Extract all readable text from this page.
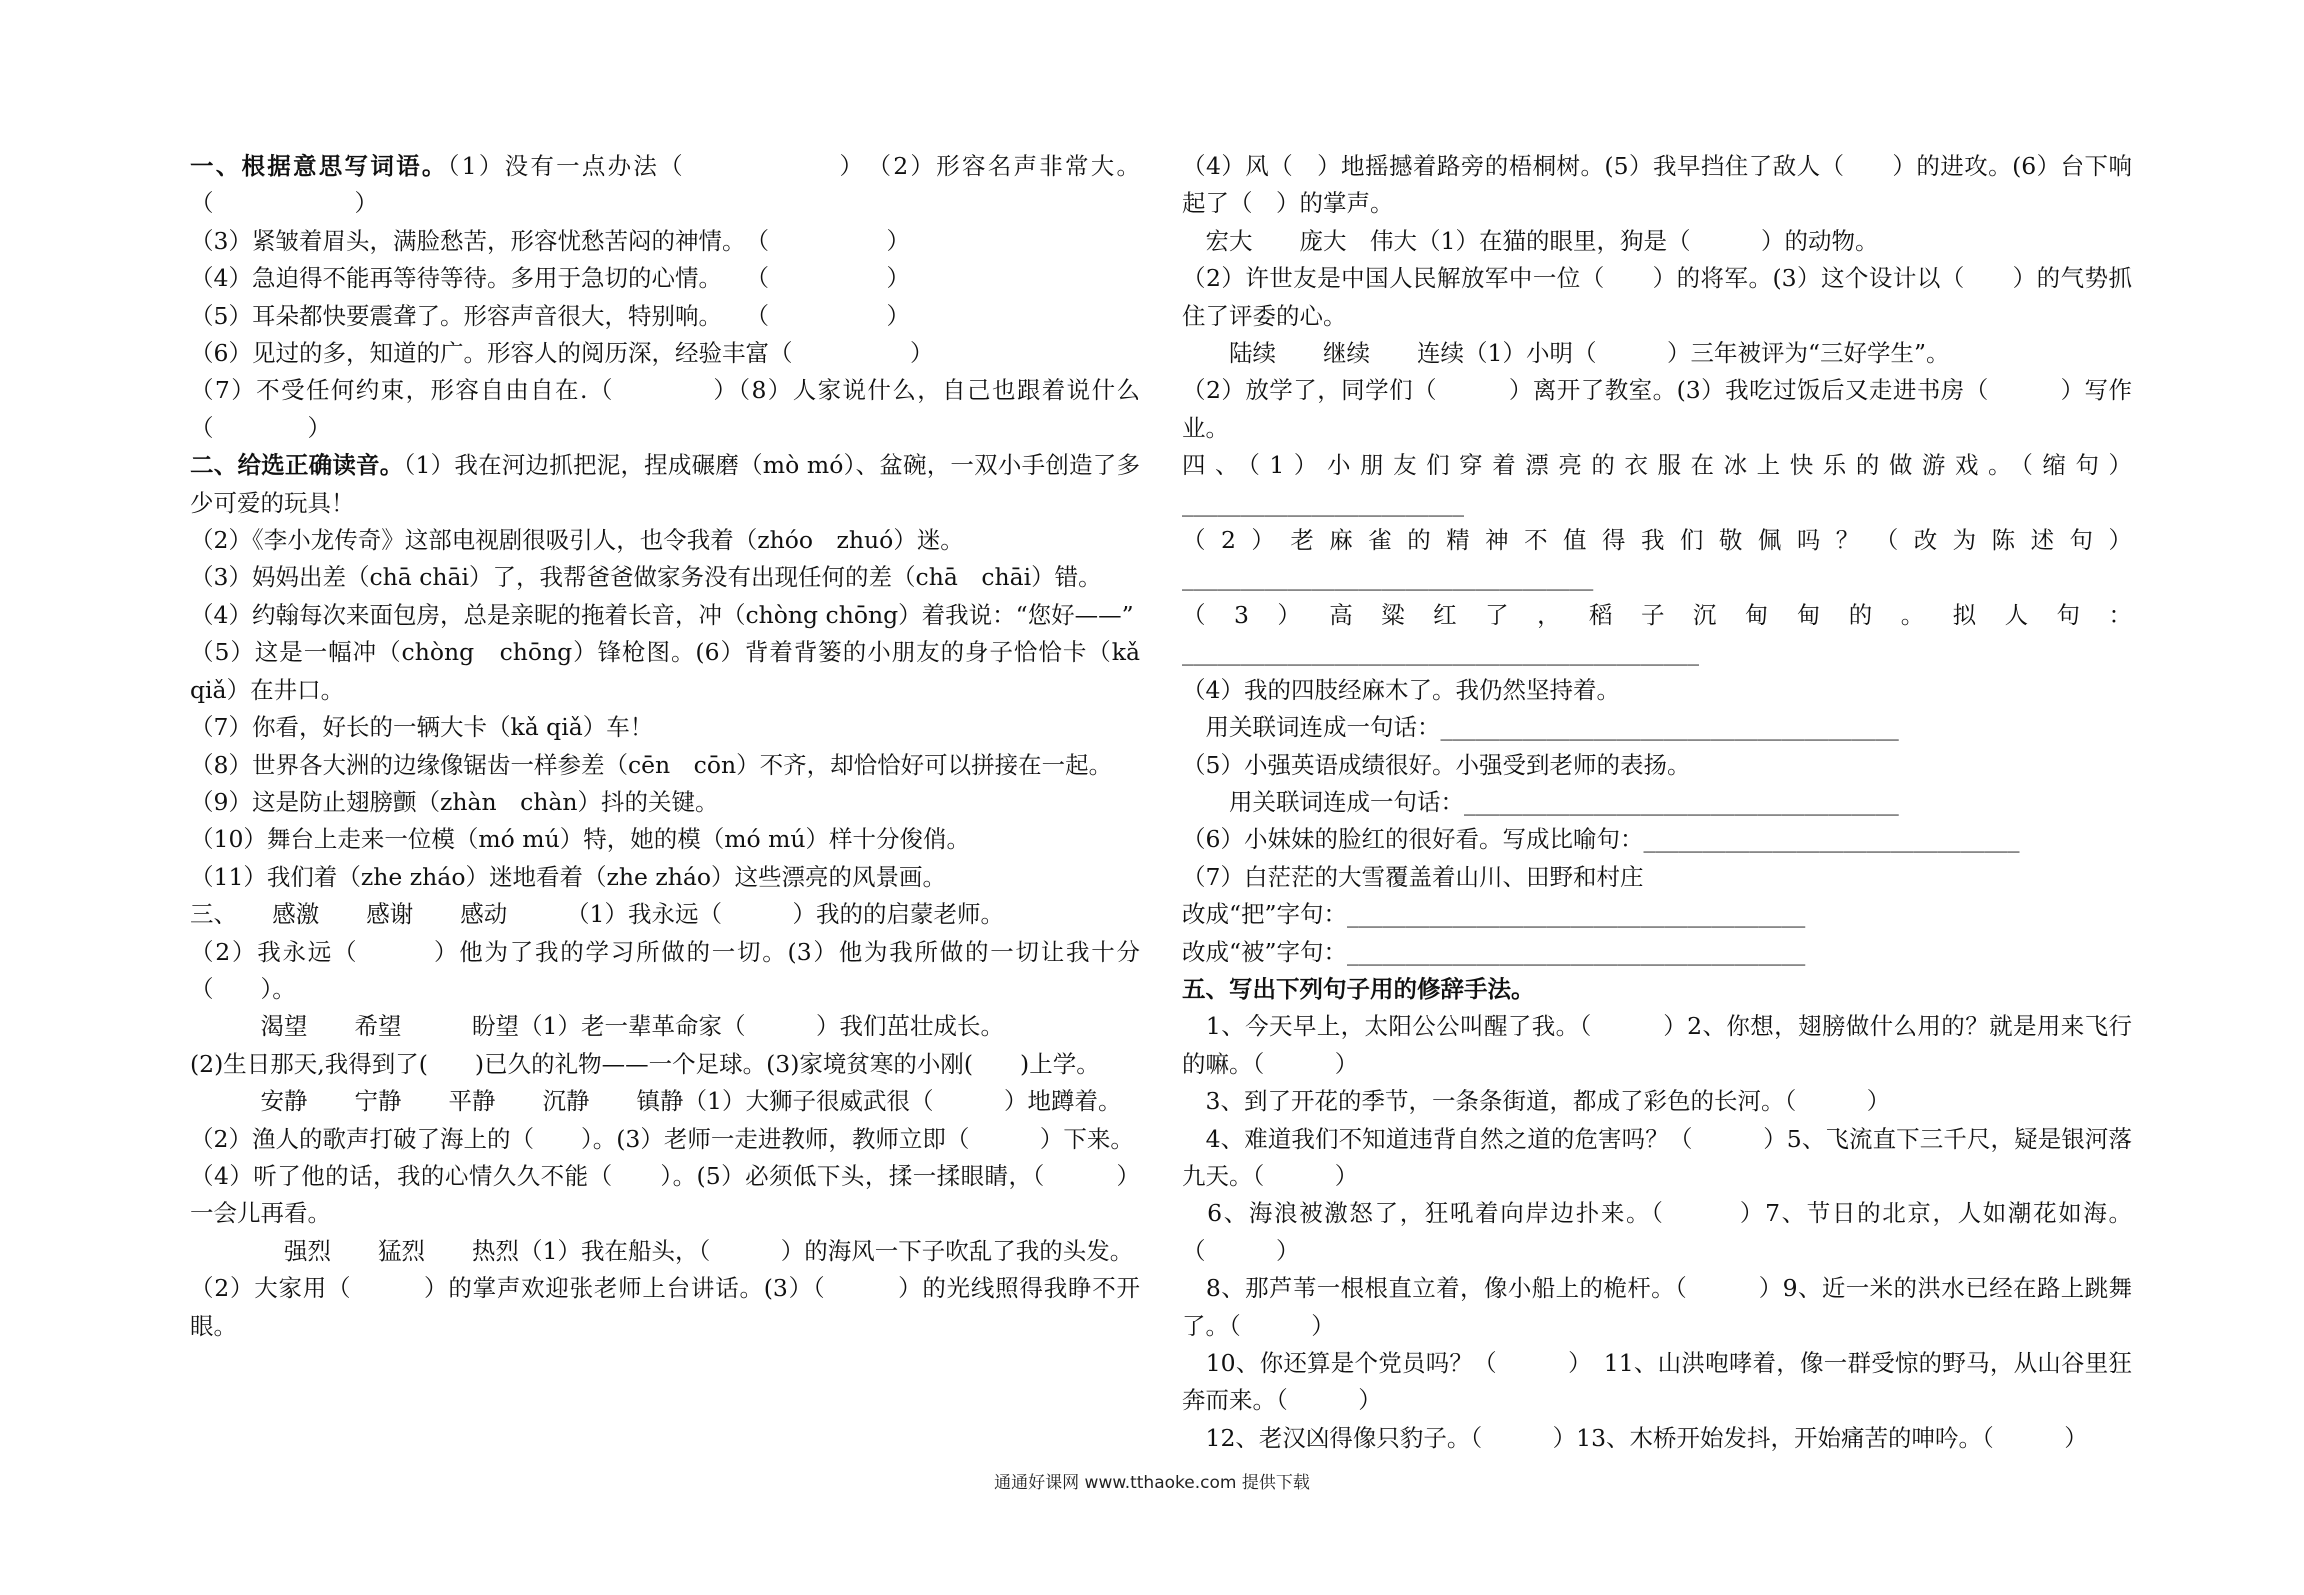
一、根据意思写词语。（1）没有一点办法（　　　　　　）　（2）形容名声非常大。（　　　　　　）
（3）紧皱着眉头，满脸愁苦，形容忧愁苦闷的神情。　（　　　　　）
（4）急迫得不能再等待等待。多用于急切的心情。　　（　　　　　）
（5）耳朵都快要震聋了。形容声音很大，特别响。　　（　　　　　）
（6）见过的多，知道的广。形容人的阅历深，经验丰富（　　　　　）
（7）不受任何约束，形容自由自在.（　　　　）（8）人家说什么，自己也跟着说什么（　　　　）
二、给选正确读音。（1）我在河边抓把泥，捏成碾磨（mò mó）、盆碗，一双小手创造了多少可爱的玩具！
（2）《李小龙传奇》这部电视剧很吸引人，也令我着（zhóo　zhuó）迷。
（3）妈妈出差（chā chāi）了，我帮爸爸做家务没有出现任何的差（chā　chāi）错。
（4）约翰每次来面包房，总是亲昵的拖着长音，冲（chòng chōng）着我说：“您好——”
（5）这是一幅冲（chòng　chōng）锋枪图。(6）背着背篓的小朋友的身子恰恰卡（kǎ qiǎ）在井口。
（7）你看，好长的一辆大卡（kǎ qiǎ）车！
（8）世界各大洲的边缘像锯齿一样参差（cēn　cōn）不齐，却恰恰好可以拼接在一起。
（9）这是防止翅膀颤（zhàn　chàn）抖的关键。
（10）舞台上走来一位模（mó mú）特，她的模（mó mú）样十分俊俏。
（11）我们着（zhe zháo）迷地看着（zhe zháo）这些漂亮的风景画。
三、　　感激　　感谢　　感动　　　（1）我永远（　　　）我的的启蒙老师。
（2）我永远（　　　）他为了我的学习所做的一切。(3）他为我所做的一切让我十分（　　）。
　　　渴望　　希望　　　盼望（1）老一辈革命家（　　　）我们茁壮成长。
(2)生日那天,我得到了(　　)已久的礼物——一个足球。(3)家境贫寒的小刚(　　)上学。
　　　安静　　宁静　　平静　　沉静　　镇静（1）大狮子很威武很（　　　）地蹲着。
（2）渔人的歌声打破了海上的（　　）。(3）老师一走进教师，教师立即（　　　）下来。
（4）听了他的话，我的心情久久不能（　　）。(5）必须低下头，揉一揉眼睛，（　　　）一会儿再看。
　　　　强烈　　猛烈　　热烈（1）我在船头，（　　　）的海风一下子吹乱了我的头发。
（2）大家用（　　　）的掌声欢迎张老师上台讲话。(3）（　　　）的光线照得我睁不开眼。
（4）风（　）地摇撼着路旁的梧桐树。(5）我早挡住了敌人（　　）的进攻。(6）台下响起了（　）的掌声。
　宏大　　庞大　伟大（1）在猫的眼里，狗是（　　　）的动物。
（2）许世友是中国人民解放军中一位（　　）的将军。(3）这个设计以（　　）的气势抓住了评委的心。
　　陆续　　继续　　连续（1）小明（　　　）三年被评为“三好学生”。
（2）放学了，同学们（　　　）离开了教室。(3）我吃过饭后又走进书房（　　　）写作业。
四、（1）小朋友们穿着漂亮的衣服在冰上快乐的做游戏。（缩句）________________________
（2）老麻雀的精神不值得我们敬佩吗？（改为陈述句）___________________________________
（3）高粱红了，稻子沉甸甸的。拟人句：____________________________________________
（4）我的四肢经麻木了。我仍然坚持着。
　用关联词连成一句话：_______________________________________
（5）小强英语成绩很好。小强受到老师的表扬。
　　用关联词连成一句话：_____________________________________
（6）小妹妹的脸红的很好看。写成比喻句：________________________________
（7）白茫茫的大雪覆盖着山川、田野和村庄
改成“把”字句：_______________________________________
改成“被”字句：_______________________________________
五、写出下列句子用的修辞手法。
　1、今天早上，太阳公公叫醒了我。（　　　）2、你想，翅膀做什么用的？就是用来飞行的嘛。（　　　）
　3、到了开花的季节，一条条街道，都成了彩色的长河。（　　　）
　4、难道我们不知道违背自然之道的危害吗？（　　　）5、飞流直下三千尺，疑是银河落九天。（　　　）
　6、海浪被激怒了，狂吼着向岸边扑来。（　　　）7、节日的北京，人如潮花如海。（　　　）
　8、那芦苇一根根直立着，像小船上的桅杆。（　　　）9、近一米的洪水已经在路上跳舞了。（　　　）
　10、你还算是个党员吗？（　　　）　11、山洪咆哮着，像一群受惊的野马，从山谷里狂奔而来。（　　　）
　12、老汉凶得像只豹子。（　　　）13、木桥开始发抖，开始痛苦的呻吟。（　　　）
通通好课网 www.tthaoke.com 提供下载
